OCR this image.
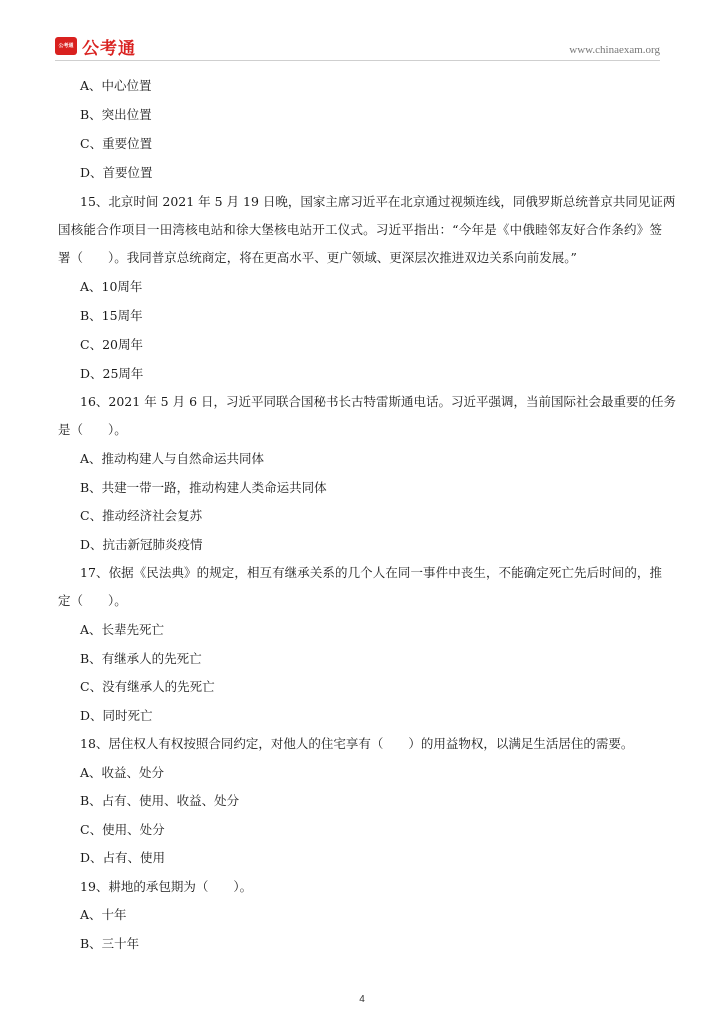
公考通 公考通	www.chinaexam.org
A、中心位置
B、突出位置
C、重要位置
D、首要位置
15、北京时间 2021 年 5 月 19 日晚，国家主席习近平在北京通过视频连线，同俄罗斯总统普京共同见证两
国核能合作项目一田湾核电站和徐大堡核电站开工仪式。习近平指出：“今年是《中俄睦邻友好合作条约》签
署（　　）。我同普京总统商定，将在更高水平、更广领域、更深层次推进双边关系向前发展。”
A、10周年
B、15周年
C、20周年
D、25周年
16、2021 年 5 月 6 日，习近平同联合国秘书长古特雷斯通电话。习近平强调，当前国际社会最重要的任务
是（　　）。
A、推动构建人与自然命运共同体
B、共建一带一路，推动构建人类命运共同体
C、推动经济社会复苏
D、抗击新冠肺炎疫情
17、依据《民法典》的规定，相互有继承关系的几个人在同一事件中丧生，不能确定死亡先后时间的，推
定（　　）。
A、长辈先死亡
B、有继承人的先死亡
C、没有继承人的先死亡
D、同时死亡
18、居住权人有权按照合同约定，对他人的住宅享有（　　）的用益物权，以满足生活居住的需要。
A、收益、处分
B、占有、使用、收益、处分
C、使用、处分
D、占有、使用
19、耕地的承包期为（　　）。
A、十年
B、三十年
4
